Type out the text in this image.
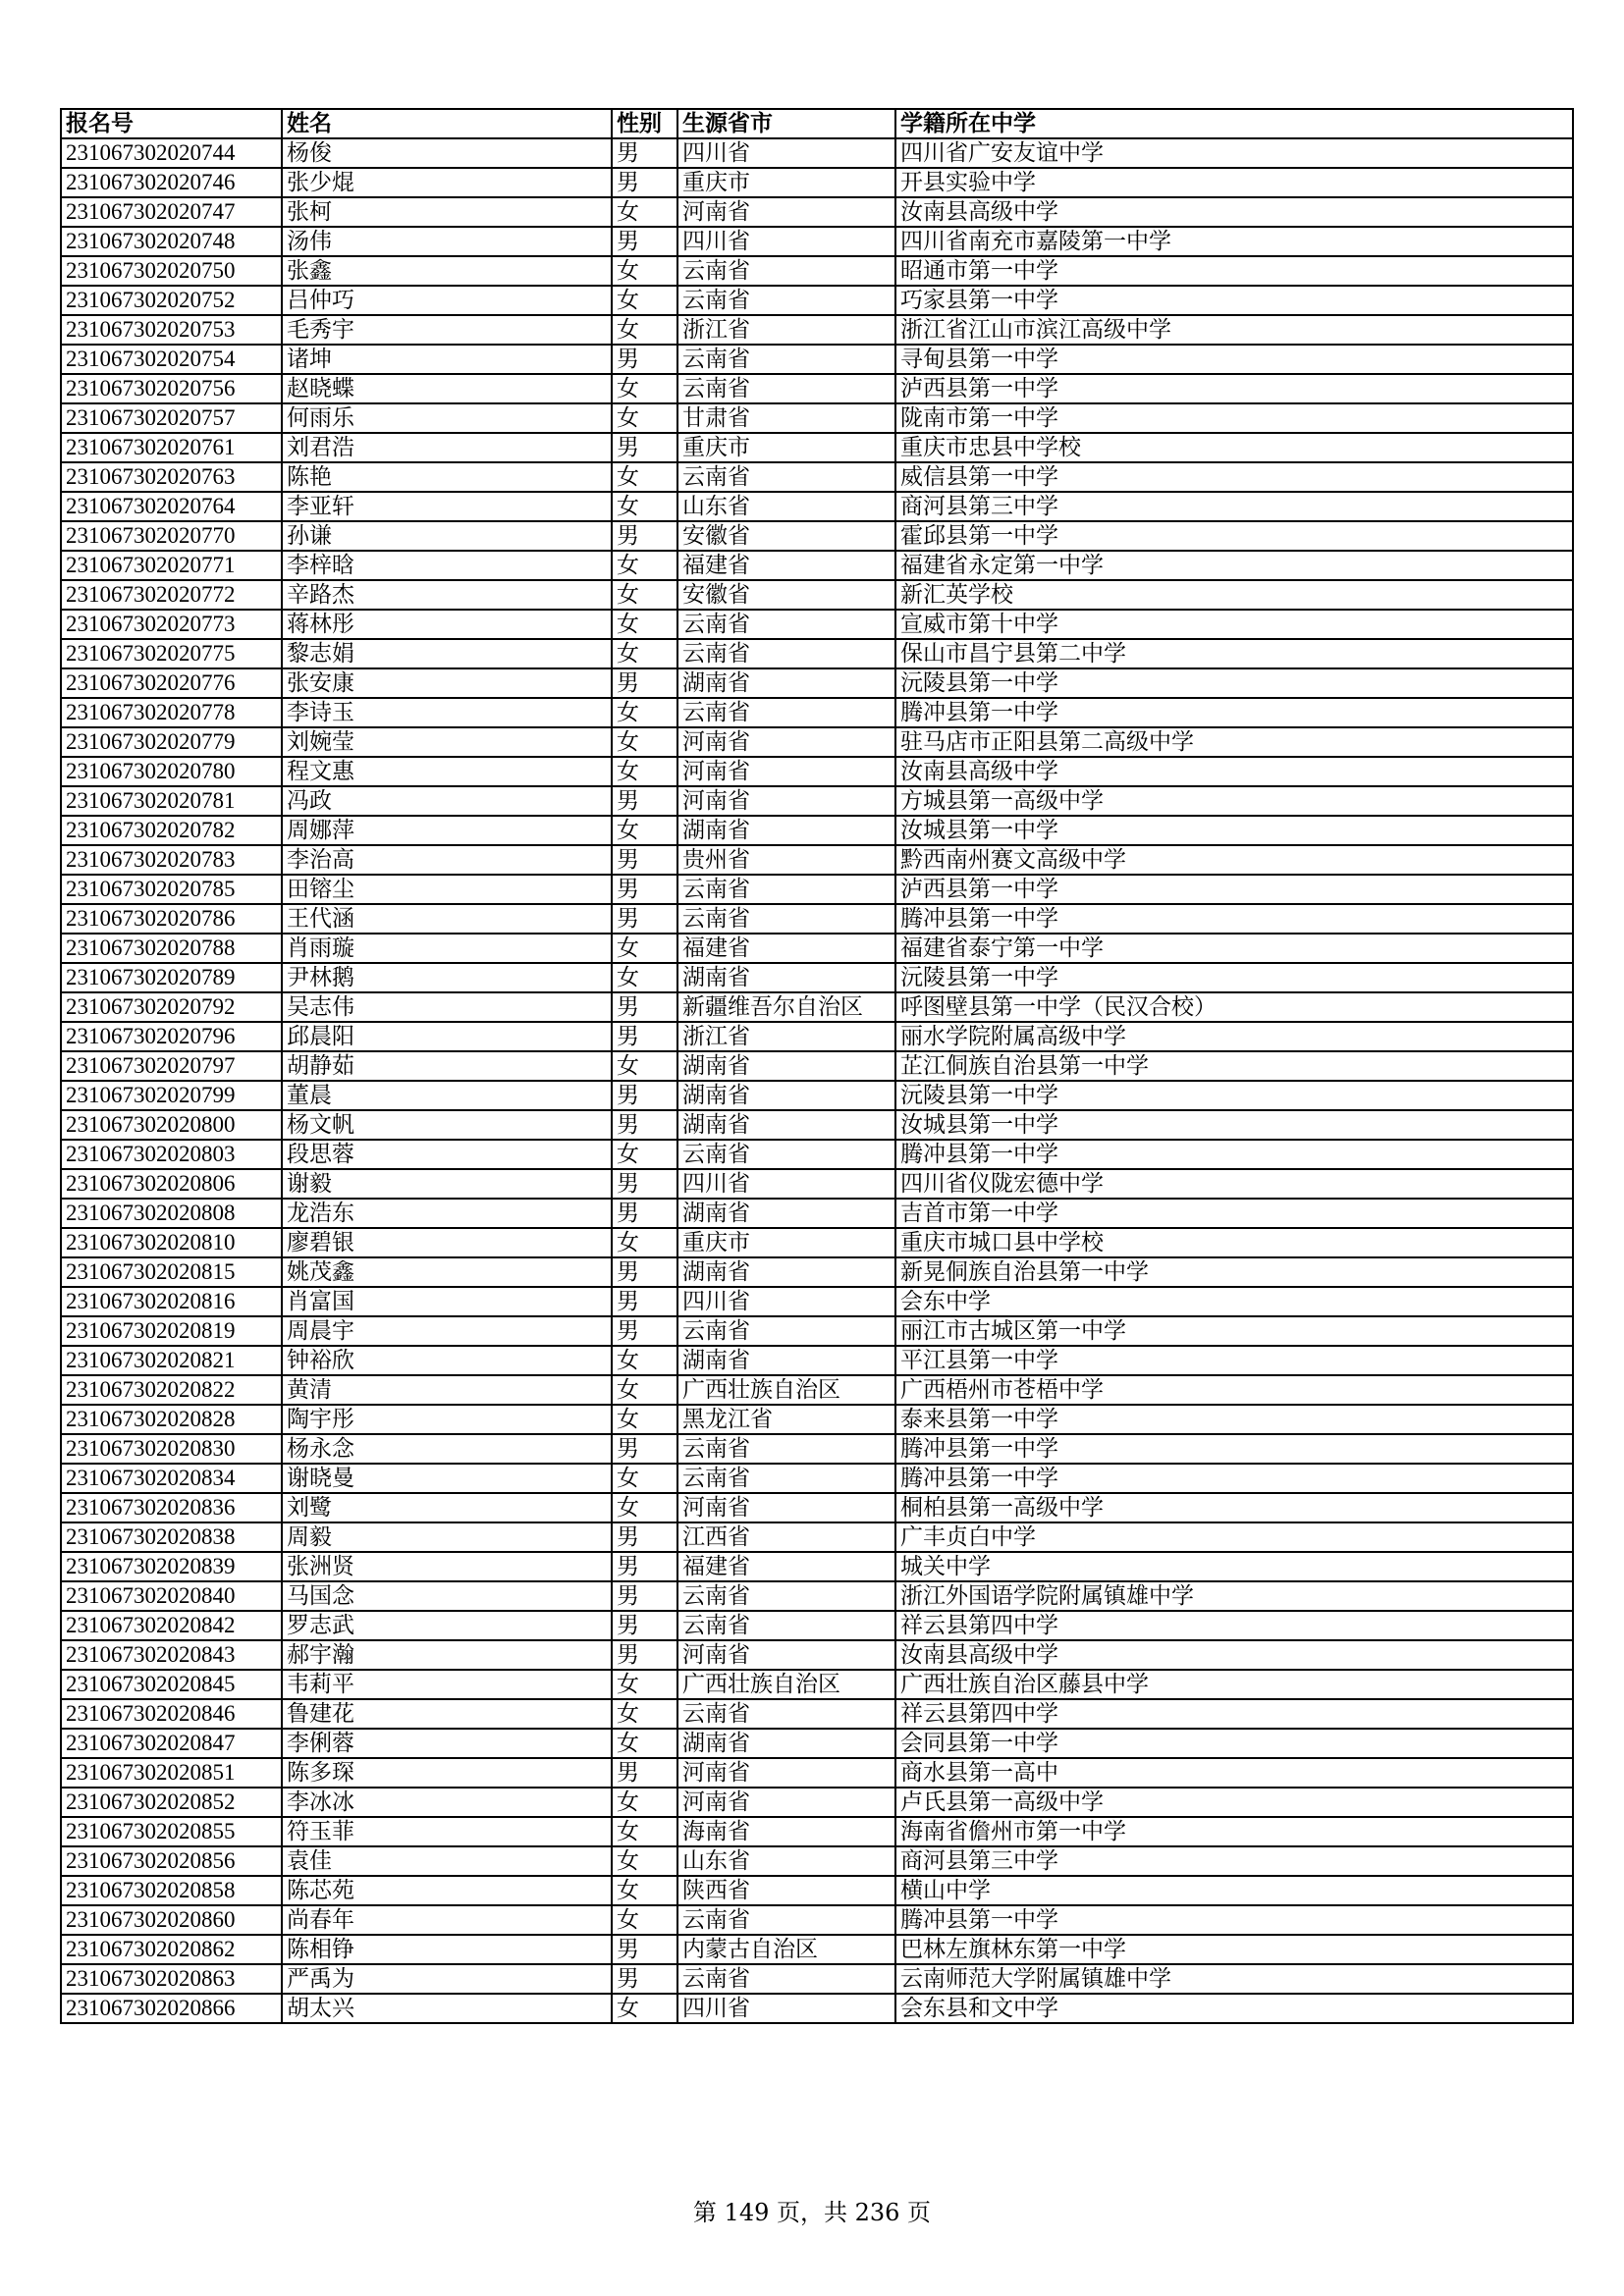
报名号	姓名	性别	生源省市	学籍所在中学
231067302020744	杨俊	男	四川省	四川省广安友谊中学
231067302020746	张少焜	男	重庆市	开县实验中学
231067302020747	张柯	女	河南省	汝南县高级中学
231067302020748	汤伟	男	四川省	四川省南充市嘉陵第一中学
231067302020750	张鑫	女	云南省	昭通市第一中学
231067302020752	吕仲巧	女	云南省	巧家县第一中学
231067302020753	毛秀宇	女	浙江省	浙江省江山市滨江高级中学
231067302020754	诸坤	男	云南省	寻甸县第一中学
231067302020756	赵晓蝶	女	云南省	泸西县第一中学
231067302020757	何雨乐	女	甘肃省	陇南市第一中学
231067302020761	刘君浩	男	重庆市	重庆市忠县中学校
231067302020763	陈艳	女	云南省	威信县第一中学
231067302020764	李亚轩	女	山东省	商河县第三中学
231067302020770	孙谦	男	安徽省	霍邱县第一中学
231067302020771	李梓晗	女	福建省	福建省永定第一中学
231067302020772	辛路杰	女	安徽省	新汇英学校
231067302020773	蒋林彤	女	云南省	宣威市第十中学
231067302020775	黎志娟	女	云南省	保山市昌宁县第二中学
231067302020776	张安康	男	湖南省	沅陵县第一中学
231067302020778	李诗玉	女	云南省	腾冲县第一中学
231067302020779	刘婉莹	女	河南省	驻马店市正阳县第二高级中学
231067302020780	程文惠	女	河南省	汝南县高级中学
231067302020781	冯政	男	河南省	方城县第一高级中学
231067302020782	周娜萍	女	湖南省	汝城县第一中学
231067302020783	李治高	男	贵州省	黔西南州赛文高级中学
231067302020785	田镕尘	男	云南省	泸西县第一中学
231067302020786	王代涵	男	云南省	腾冲县第一中学
231067302020788	肖雨璇	女	福建省	福建省泰宁第一中学
231067302020789	尹林鹅	女	湖南省	沅陵县第一中学
231067302020792	吴志伟	男	新疆维吾尔自治区	呼图壁县第一中学（民汉合校）
231067302020796	邱晨阳	男	浙江省	丽水学院附属高级中学
231067302020797	胡静茹	女	湖南省	芷江侗族自治县第一中学
231067302020799	董晨	男	湖南省	沅陵县第一中学
231067302020800	杨文帆	男	湖南省	汝城县第一中学
231067302020803	段思蓉	女	云南省	腾冲县第一中学
231067302020806	谢毅	男	四川省	四川省仪陇宏德中学
231067302020808	龙浩东	男	湖南省	吉首市第一中学
231067302020810	廖碧银	女	重庆市	重庆市城口县中学校
231067302020815	姚茂鑫	男	湖南省	新晃侗族自治县第一中学
231067302020816	肖富国	男	四川省	会东中学
231067302020819	周晨宇	男	云南省	丽江市古城区第一中学
231067302020821	钟裕欣	女	湖南省	平江县第一中学
231067302020822	黄清	女	广西壮族自治区	广西梧州市苍梧中学
231067302020828	陶宇彤	女	黑龙江省	泰来县第一中学
231067302020830	杨永念	男	云南省	腾冲县第一中学
231067302020834	谢晓曼	女	云南省	腾冲县第一中学
231067302020836	刘鹭	女	河南省	桐柏县第一高级中学
231067302020838	周毅	男	江西省	广丰贞白中学
231067302020839	张洲贤	男	福建省	城关中学
231067302020840	马国念	男	云南省	浙江外国语学院附属镇雄中学
231067302020842	罗志武	男	云南省	祥云县第四中学
231067302020843	郝宇瀚	男	河南省	汝南县高级中学
231067302020845	韦莉平	女	广西壮族自治区	广西壮族自治区藤县中学
231067302020846	鲁建花	女	云南省	祥云县第四中学
231067302020847	李俐蓉	女	湖南省	会同县第一中学
231067302020851	陈多琛	男	河南省	商水县第一高中
231067302020852	李冰冰	女	河南省	卢氏县第一高级中学
231067302020855	符玉菲	女	海南省	海南省儋州市第一中学
231067302020856	袁佳	女	山东省	商河县第三中学
231067302020858	陈芯苑	女	陕西省	横山中学
231067302020860	尚春年	女	云南省	腾冲县第一中学
231067302020862	陈相铮	男	内蒙古自治区	巴林左旗林东第一中学
231067302020863	严禹为	男	云南省	云南师范大学附属镇雄中学
231067302020866	胡太兴	女	四川省	会东县和文中学
第 149 页，共 236 页
